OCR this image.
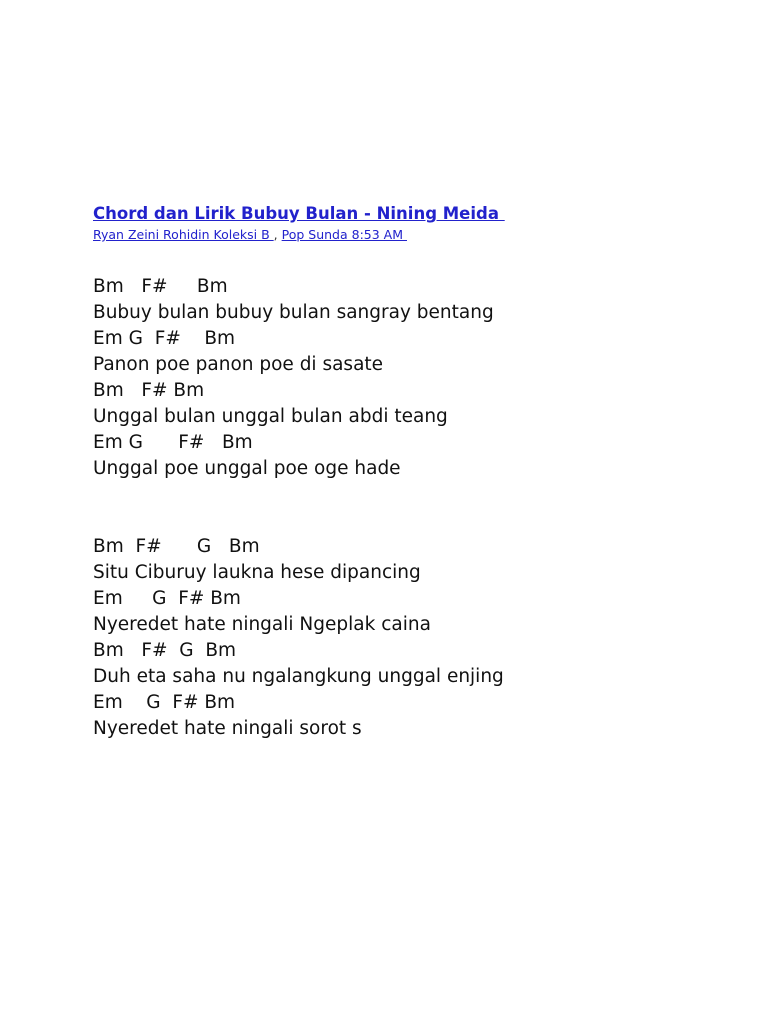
Chord dan Lirik Bubuy Bulan - Nining Meida
Ryan Zeini Rohidin Koleksi B , Pop Sunda 8:53 AM
Bm   F#     Bm
Bubuy bulan bubuy bulan sangray bentang
Em G  F#    Bm
Panon poe panon poe di sasate
Bm   F# Bm
Unggal bulan unggal bulan abdi teang
Em G      F#   Bm
Unggal poe unggal poe oge hade
Bm  F#      G   Bm
Situ Ciburuy laukna hese dipancing
Em     G  F# Bm
Nyeredet hate ningali Ngeplak caina
Bm   F#  G  Bm
Duh eta saha nu ngalangkung unggal enjing
Em    G  F# Bm
Nyeredet hate ningali sorot s
